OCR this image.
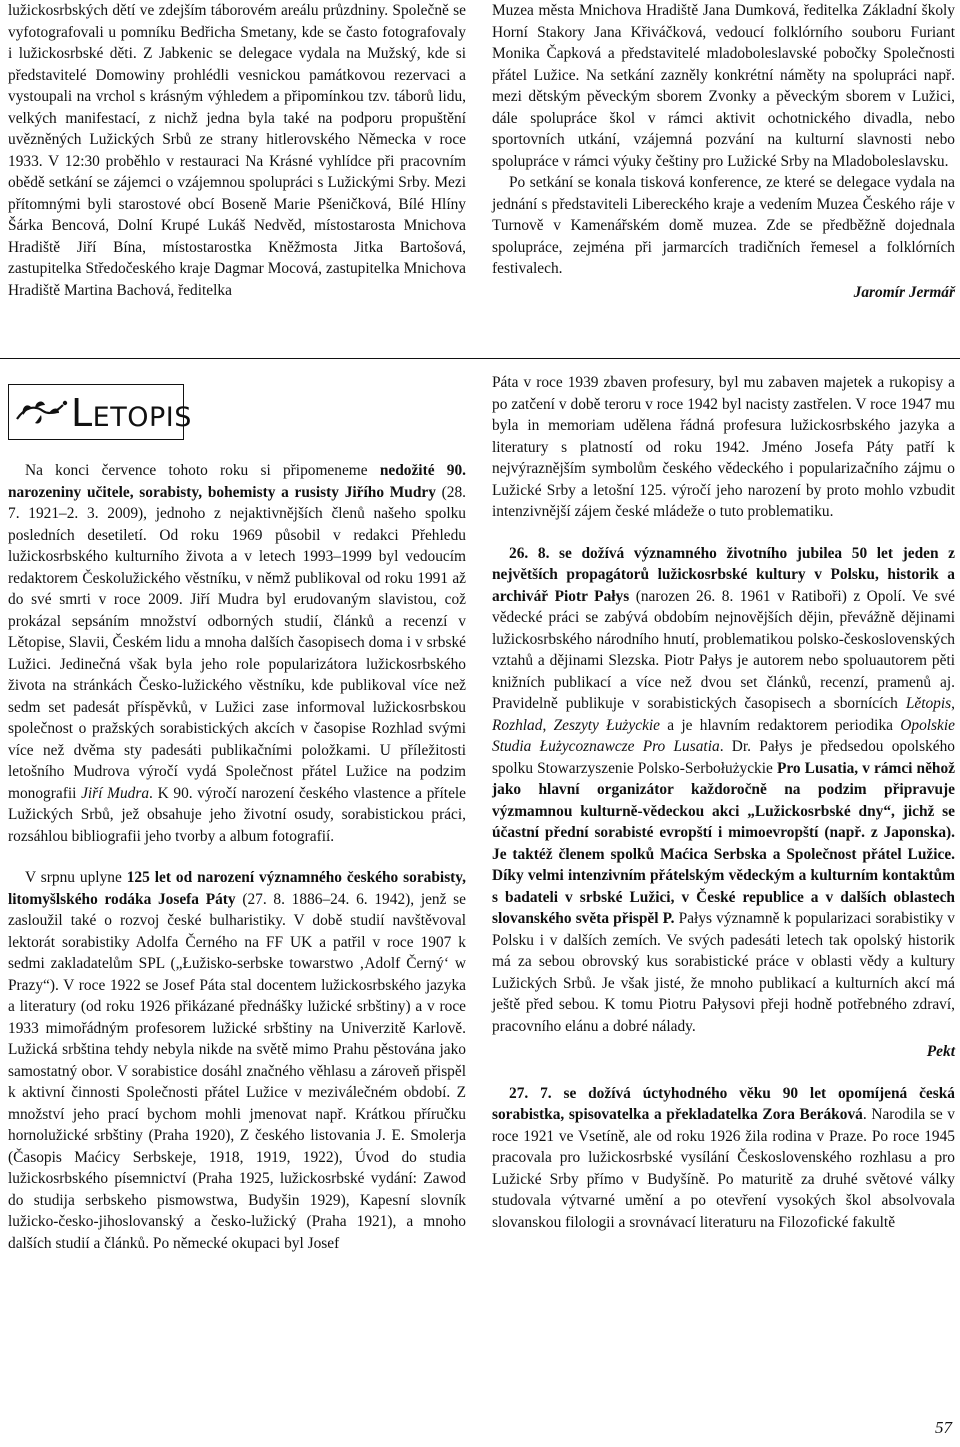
lužickosrbských dětí ve zdejším táborovém areálu průzdniny. Společně se vyfotografovali u pomníku Bedřicha Smetany, kde se často fotografovaly i lužickosrbské děti. Z Jabkenic se delegace vydala na Mužský, kde si představitelé Domowiny prohlédli vesnickou památkovou rezervaci a vystoupali na vrchol s krásným výhledem a připomínkou tzv. táborů lidu, velkých manifestací, z nichž jedna byla také na podporu propuštění uvězněných Lužických Srbů ze strany hitlerovského Německa v roce 1933. V 12:30 proběhlo v restauraci Na Krásné vyhlídce při pracovním obědě setkání se zájemci o vzájemnou spolupráci s Lužickými Srby. Mezi přítomnými byli starostové obcí Boseně Marie Pšeničková, Bílé Hlíny Šárka Bencová, Dolní Krupé Lukáš Nedvěd, místostarosta Mnichova Hradiště Jiří Bína, místostarostka Kněžmosta Jitka Bartošová, zastupitelka Středočeského kraje Dagmar Mocová, zastupitelka Mnichova Hradiště Martina Bachová, ředitelka

Muzea města Mnichova Hradiště Jana Dumková, ředitelka Základní školy Horní Stakory Jana Křiváčková, vedoucí folklórního souboru Furiant Monika Čapková a představitelé mladoboleslavské pobočky Společnosti přátel Lužice. Na setkání zazněly konkrétní náměty na spolupráci např. mezi dětským pěveckým sborem Zvonky a pěveckým sborem v Lužici, dále spolupráce škol v rámci aktivit ochotnického divadla, nebo sportovních utkání, vzájemná pozvání na kulturní slavnosti nebo spolupráce v rámci výuky češtiny pro Lužické Srby na Mladoboleslavsku.

Po setkání se konala tisková konference, ze které se delegace vydala na jednání s představiteli Libereckého kraje a vedením Muzea Českého ráje v Turnově v Kamenářském domě muzea. Zde se předběžně dojednala spolupráce, zejména při jarmarcích tradičních řemesel a folklórních festivalech.

Jaromír Jermář

LETOPIS

Na konci července tohoto roku si připomeneme nedožité 90. narozeniny učitele, sorabisty, bohemisty a rusisty Jiřího Mudry (28. 7. 1921–2. 3. 2009), jednoho z nejaktivnějších členů našeho spolku posledních desetiletí. Od roku 1969 působil v redakci Přehledu lužickosrbského kulturního života a v letech 1993–1999 byl vedoucím redaktorem Českolužického věstníku, v němž publikoval od roku 1991 až do své smrti v roce 2009. Jiří Mudra byl erudovaným slavistou, což prokázal sepsáním množství odborných studií, článků a recenzí v Lětopise, Slavii, Českém lidu a mnoha dalších časopisech doma i v srbské Lužici. Jedinečná však byla jeho role popularizátora lužickosrbského života na stránkách Česko-lužického věstníku, kde publikoval více než sedm set padesát příspěvků, v Lužici zase informoval lužickosrbskou společnost o pražských sorabistických akcích v časopise Rozhlad svými více než dvěma sty padesáti publikačními položkami. U příležitosti letošního Mudrova výročí vydá Společnost přátel Lužice na podzim monografii Jiří Mudra. K 90. výročí narození českého vlastence a přítele Lužických Srbů, jež obsahuje jeho životní osudy, sorabistickou práci, rozsáhlou bibliografii jeho tvorby a album fotografií.

V srpnu uplyne 125 let od narození významného českého sorabisty, litomyšlského rodáka Josefa Páty (27. 8. 1886–24. 6. 1942), jenž se zasloužil také o rozvoj české bulharistiky. V době studií navštěvoval lektorát sorabistiky Adolfa Černého na FF UK a patřil v roce 1907 k sedmi zakladatelům SPL („Łužisko-serbske towarstwo ‚Adolf Černý‘ w Prazy“). V roce 1922 se Josef Páta stal docentem lužickosrbského jazyka a literatury (od roku 1926 přikázané přednášky lužické srbštiny) a v roce 1933 mimořádným profesorem lužické srbštiny na Univerzitě Karlově. Lužická srbština tehdy nebyla nikde na světě mimo Prahu pěstována jako samostatný obor. V sorabistice dosáhl značného věhlasu a zároveň přispěl k aktivní činnosti Společnosti přátel Lužice v meziválečném období. Z množství jeho prací bychom mohli jmenovat např. Krátkou příručku hornolužické srbštiny (Praha 1920), Z českého listovania J. E. Smolerja (Časopis Maćicy Serbskeje, 1918, 1919, 1922), Úvod do studia lužickosrbského písemnictví (Praha 1925, lužickosrbské vydání: Zawod do studija serbskeho pismowstwa, Budyšin 1929), Kapesní slovník lužicko-česko-jihoslovanský a česko-lužický (Praha 1921), a mnoho dalších studií a článků. Po německé okupaci byl Josef

Páta v roce 1939 zbaven profesury, byl mu zabaven majetek a rukopisy a po zatčení v době teroru v roce 1942 byl nacisty zastřelen. V roce 1947 mu byla in memoriam udělena řádná profesura lužickosrbského jazyka a literatury s platností od roku 1942. Jméno Josefa Páty patří k nejvýraznějším symbolům českého vědeckého i popularizačního zájmu o Lužické Srby a letošní 125. výročí jeho narození by proto mohlo vzbudit intenzivnější zájem české mládeže o tuto problematiku.

26. 8. se dožívá významného životního jubilea 50 let jeden z největších propagátorů lužickosrbské kultury v Polsku, historik a archivář Piotr Pałys (narozen 26. 8. 1961 v Ratiboři) z Opolí. Ve své vědecké práci se zabývá obdobím nejnovějších dějin, převážně dějinami lužickosrbského národního hnutí, problematikou polsko-československých vztahů a dějinami Slezska. Piotr Pałys je autorem nebo spoluautorem pěti knižních publikací a více než dvou set článků, recenzí, pramenů aj. Pravidelně publikuje v sorabistických časopisech a sbornících Lětopis, Rozhlad, Zeszyty Łużyckie a je hlavním redaktorem periodika Opolskie Studia Łużycoznawcze Pro Lusatia. Dr. Pałys je předsedou opolského spolku Stowarzyszenie Polsko-Serbołużyckie Pro Lusatia, v rámci něhož jako hlavní organizátor každoročně na podzim připravuje výzmamnou kulturně-vědeckou akci „Lužickosrbské dny“, jichž se účastní přední sorabisté evropští i mimoevropští (např. z Japonska). Je taktéž členem spolků Maćica Serbska a Společnost přátel Lužice. Díky velmi intenzivním přátelským vědeckým a kulturním kontaktům s badateli v srbské Lužici, v České republice a v dalších oblastech slovanského světa přispěl P. Pałys významně k popularizaci sorabistiky v Polsku i v dalších zemích. Ve svých padesáti letech tak opolský historik má za sebou obrovský kus sorabistické práce v oblasti vědy a kultury Lužických Srbů. Je však jisté, že mnoho publikací a kulturních akcí má ještě před sebou. K tomu Piotru Pałysovi přeji hodně potřebného zdraví, pracovního elánu a dobré nálady.

Pekt

27. 7. se dožívá úctyhodného věku 90 let opomíjená česká sorabistka, spisovatelka a překladatelka Zora Beráková. Narodila se v roce 1921 ve Vsetíně, ale od roku 1926 žila rodina v Praze. Po roce 1945 pracovala pro lužickosrbské vysílání Československého rozhlasu a pro Lužické Srby přímo v Budyšíně. Po maturitě za druhé světové války studovala výtvarné umění a po otevření vysokých škol absolvovala slovanskou filologii a srovnávací literaturu na Filozofické fakultě

57
